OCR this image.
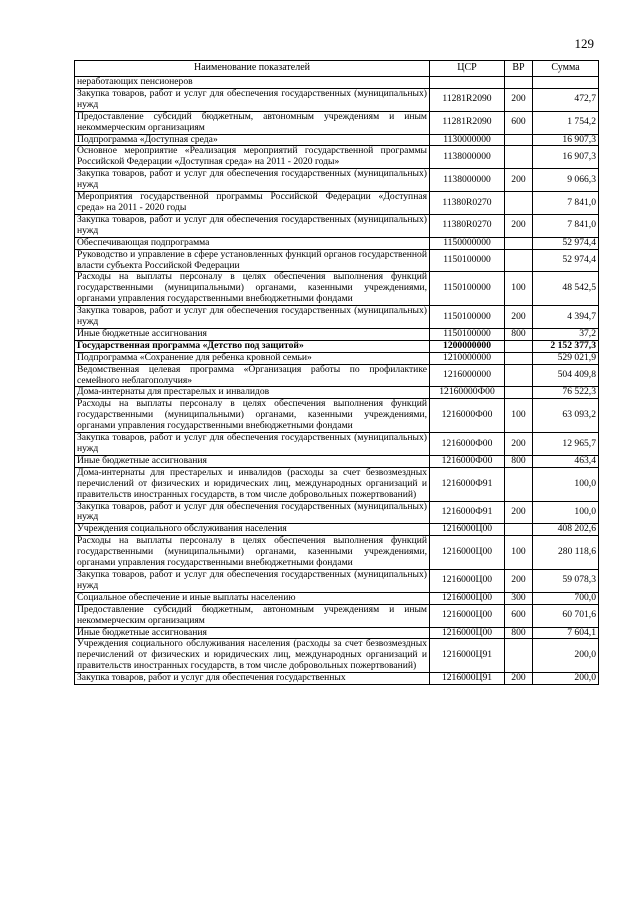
129
Наименование показателей	ЦСР	ВР	Сумма
неработающих пенсионеров			
Закупка товаров, работ и услуг для обеспечения государственных (муниципальных) нужд	11281R2090	200	472,7
Предоставление субсидий бюджетным, автономным учреждениям и иным некоммерческим организациям	11281R2090	600	1 754,2
Подпрограмма «Доступная среда»	1130000000		16 907,3
Основное мероприятие «Реализация мероприятий государственной программы Российской Федерации «Доступная среда» на 2011 - 2020 годы»	1138000000		16 907,3
Закупка товаров, работ и услуг для обеспечения государственных (муниципальных) нужд	1138000000	200	9 066,3
Мероприятия государственной программы Российской Федерации «Доступная среда» на 2011 - 2020 годы	11380R0270		7 841,0
Закупка товаров, работ и услуг для обеспечения государственных (муниципальных) нужд	11380R0270	200	7 841,0
Обеспечивающая подпрограмма	1150000000		52 974,4
Руководство и управление в сфере установленных функций органов государственной власти субъекта Российской Федерации	1150100000		52 974,4
Расходы на выплаты персоналу в целях обеспечения выполнения функций государственными (муниципальными) органами, казенными учреждениями, органами управления государственными внебюджетными фондами	1150100000	100	48 542,5
Закупка товаров, работ и услуг для обеспечения государственных (муниципальных) нужд	1150100000	200	4 394,7
Иные бюджетные ассигнования	1150100000	800	37,2
Государственная программа «Детство под защитой»	1200000000		2 152 377,3
Подпрограмма «Сохранение для ребенка кровной семьи»	1210000000		529 021,9
Ведомственная целевая программа «Организация работы по профилактике семейного неблагополучия»	1216000000		504 409,8
Дома-интернаты для престарелых и инвалидов	12160000Ф00		76 522,3
Расходы на выплаты персоналу в целях обеспечения выполнения функций государственными (муниципальными) органами, казенными учреждениями, органами управления государственными внебюджетными фондами	1216000Ф00	100	63 093,2
Закупка товаров, работ и услуг для обеспечения государственных (муниципальных) нужд	1216000Ф00	200	12 965,7
Иные бюджетные ассигнования	1216000Ф00	800	463,4
Дома-интернаты для престарелых и инвалидов (расходы за счет безвозмездных перечислений от физических и юридических лиц, международных организаций и правительств иностранных государств, в том числе добровольных пожертвований)	1216000Ф91		100,0
Закупка товаров, работ и услуг для обеспечения государственных (муниципальных) нужд	1216000Ф91	200	100,0
Учреждения социального обслуживания населения	1216000Ц00		408 202,6
Расходы на выплаты персоналу в целях обеспечения выполнения функций государственными (муниципальными) органами, казенными учреждениями, органами управления государственными внебюджетными фондами	1216000Ц00	100	280 118,6
Закупка товаров, работ и услуг для обеспечения государственных (муниципальных) нужд	1216000Ц00	200	59 078,3
Социальное обеспечение и иные выплаты населению	1216000Ц00	300	700,0
Предоставление субсидий бюджетным, автономным учреждениям и иным некоммерческим организациям	1216000Ц00	600	60 701,6
Иные бюджетные ассигнования	1216000Ц00	800	7 604,1
Учреждения социального обслуживания населения (расходы за счет безвозмездных перечислений от физических и юридических лиц, международных организаций и правительств иностранных государств, в том числе добровольных пожертвований)	1216000Ц91		200,0
Закупка товаров, работ и услуг для обеспечения государственных	1216000Ц91	200	200,0
